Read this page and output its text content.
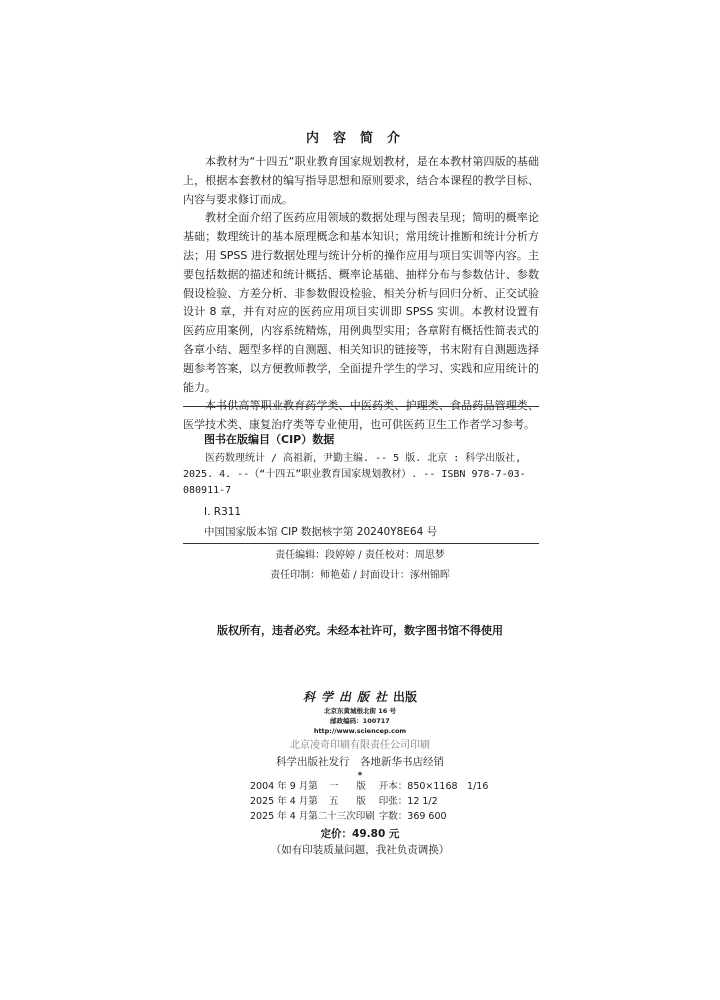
内容简介

本教材为“十四五”职业教育国家规划教材，是在本教材第四版的基础上，根据本套教材的编写指导思想和原则要求，结合本课程的教学目标、内容与要求修订而成。

教材全面介绍了医药应用领域的数据处理与图表呈现；简明的概率论基础；数理统计的基本原理概念和基本知识；常用统计推断和统计分析方法；用 SPSS 进行数据处理与统计分析的操作应用与项目实训等内容。主要包括数据的描述和统计概括、概率论基础、抽样分布与参数估计、参数假设检验、方差分析、非参数假设检验、相关分析与回归分析、正交试验设计 8 章，并有对应的医药应用项目实训即 SPSS 实训。本教材设置有医药应用案例，内容系统精炼，用例典型实用；各章附有概括性简表式的各章小结、题型多样的自测题、相关知识的链接等，书末附有自测题选择题参考答案，以方便教师教学，全面提升学生的学习、实践和应用统计的能力。

本书供高等职业教育药学类、中医药类、护理类、食品药品管理类、医学技术类、康复治疗类等专业使用，也可供医药卫生工作者学习参考。

图书在版编目（CIP）数据
医药数理统计 / 高祖新，尹勤主编. -- 5 版. 北京 : 科学出版社,
2025. 4. --（“十四五”职业教育国家规划教材）. -- ISBN 978-7-03-
080911-7
Ⅰ. R311
中国国家版本馆 CIP 数据核字第 20240Y8E64 号
责任编辑：段婷婷 / 责任校对：周思梦
责任印制：师艳茹 / 封面设计：涿州锦晖
版权所有，违者必究。未经本社许可，数字图书馆不得使用
科学出版社出版
北京东黄城根北街 16 号
邮政编码：100717
http://www.sciencep.com
北京凌奇印刷有限责任公司印刷
科学出版社发行　各地新华书店经销
*
2004 年 9 月第	一	版	开本：850×1168　1/16
2025 年 4 月第	五	版	印张：12 1/2
2025 年 4 月第二十三次印刷			字数：369 600
定价：49.80 元
（如有印装质量问题，我社负责调换）
